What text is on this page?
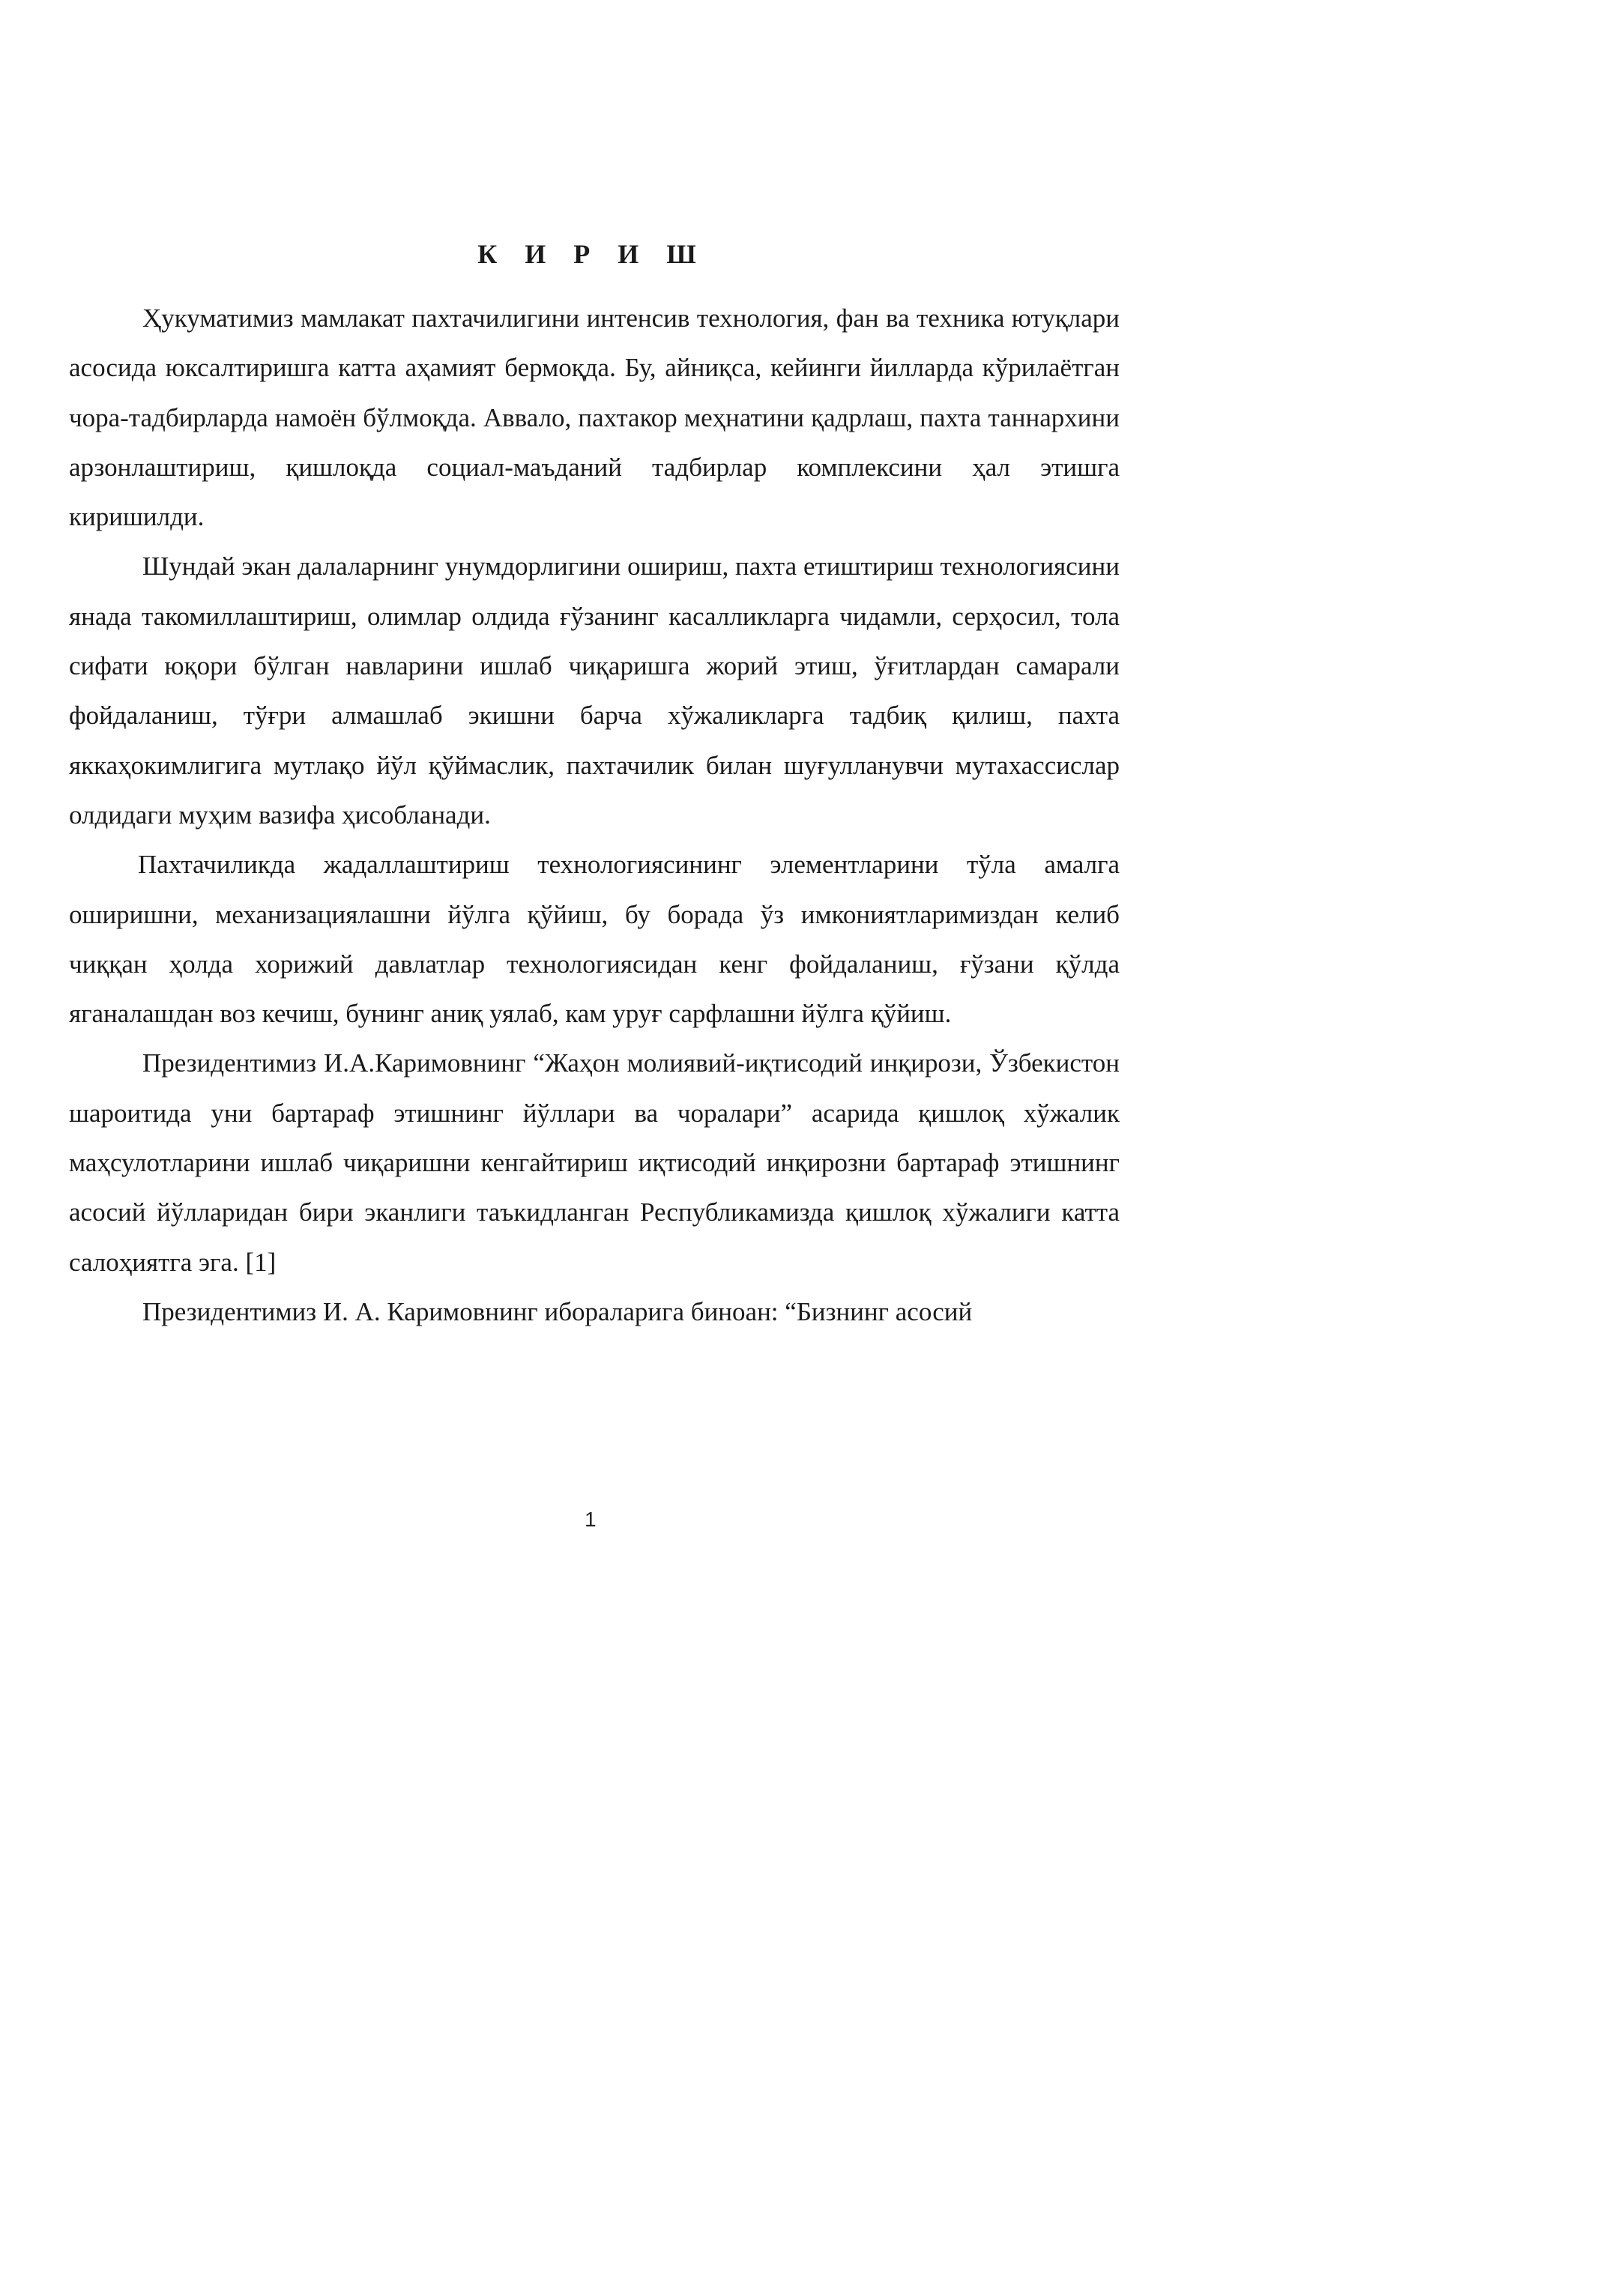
К И Р И Ш

Ҳукуматимиз мамлакат пахтачилигини интенсив технология, фан ва техника ютуқлари асосида юксалтиришга катта аҳамият бермоқда. Бу, айниқса, кейинги йилларда кўрилаётган чора-тадбирларда намоён бўлмоқда. Аввало, пахтакор меҳнатини қадрлаш, пахта таннархини арзонлаштириш, қишлоқда социал-маъданий тадбирлар комплексини ҳал этишга киришилди.

Шундай экан далаларнинг унумдорлигини ошириш, пахта етиштириш технологиясини янада такомиллаштириш, олимлар олдида ғўзанинг касалликларга чидамли, серҳосил, тола сифати юқори бўлган навларини ишлаб чиқаришга жорий этиш, ўғитлардан самарали фойдаланиш, тўғри алмашлаб экишни барча хўжаликларга тадбиқ қилиш, пахта яккаҳокимлигига мутлақо йўл қўймаслик, пахтачилик билан шуғулланувчи мутахассислар олдидаги муҳим вазифа ҳисобланади.

Пахтачиликда жадаллаштириш технологиясининг элементларини тўла амалга оширишни, механизациялашни йўлга қўйиш, бу борада ўз имкониятларимиздан келиб чиққан ҳолда хорижий давлатлар технологиясидан кенг фойдаланиш, ғўзани қўлда яганалашдан воз кечиш, бунинг аниқ уялаб, кам уруғ сарфлашни йўлга қўйиш.

Президентимиз И.А.Каримовнинг “Жаҳон молиявий-иқтисодий инқирози, Ўзбекистон шароитида уни бартараф этишнинг йўллари ва чоралари” асарида қишлоқ хўжалик маҳсулотларини ишлаб чиқаришни кенгайтириш иқтисодий инқирозни бартараф этишнинг асосий йўлларидан бири эканлиги таъкидланган Республикамизда қишлоқ хўжалиги катта салоҳиятга эга. [1]

Президентимиз И. А. Каримовнинг ибораларига биноан: “Бизнинг асосий

1
